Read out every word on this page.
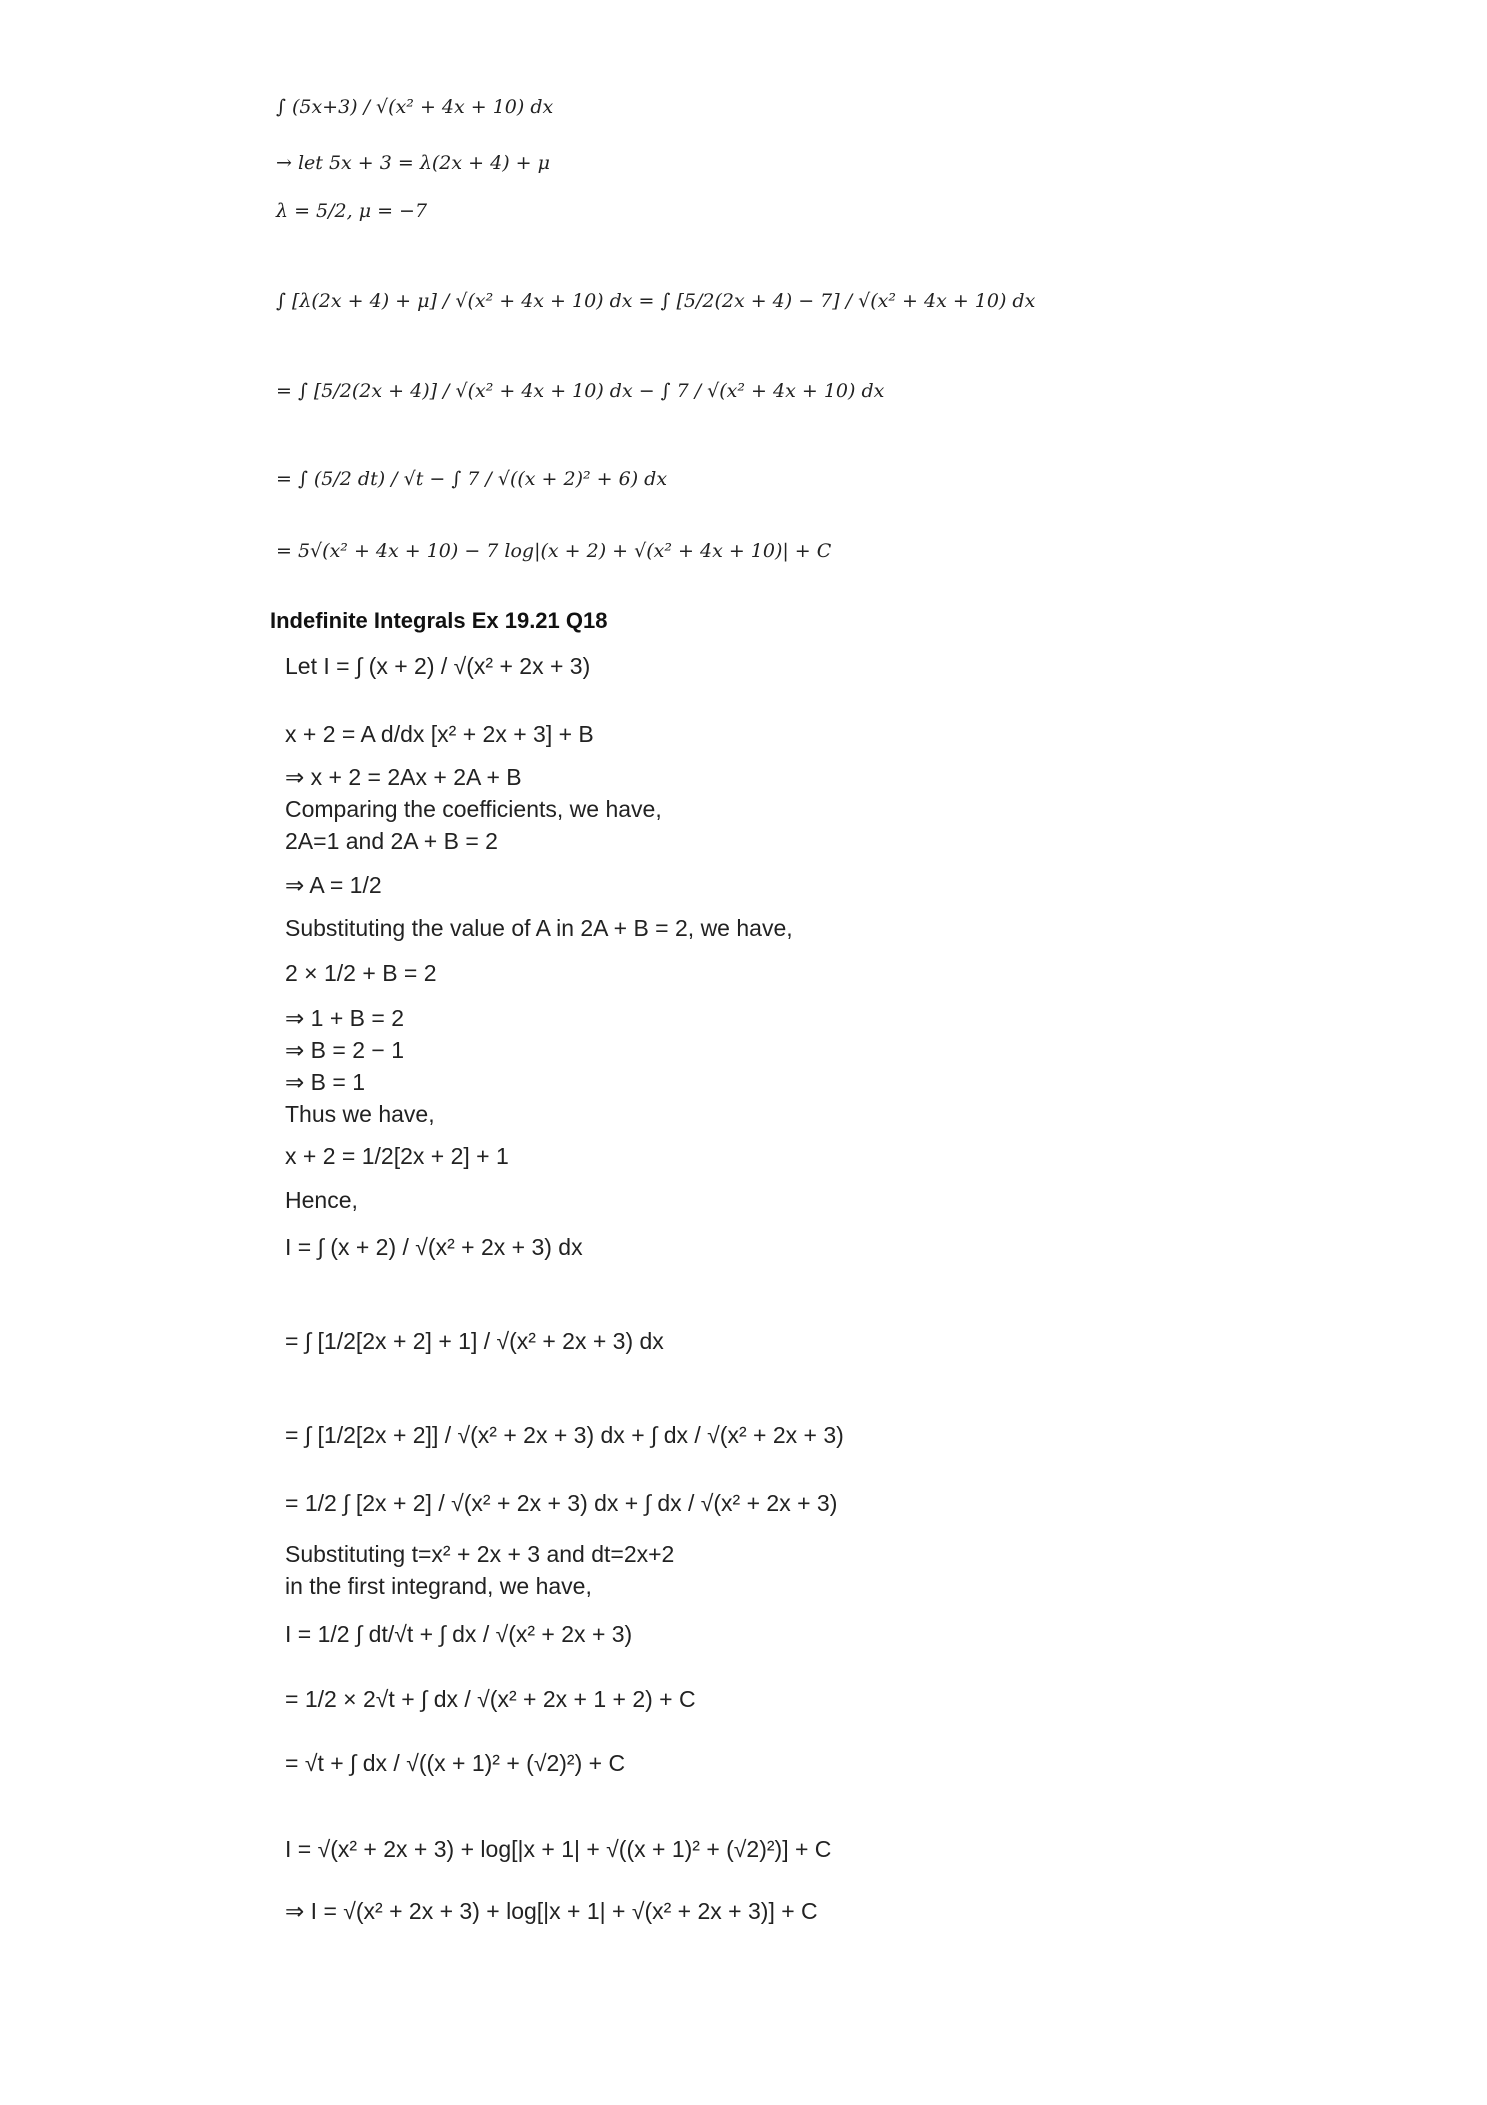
∫ (5x+3) / √(x² + 4x + 10) dx
→ let 5x + 3 = λ(2x + 4) + μ
λ = 5/2, μ = −7
∫ [λ(2x + 4) + μ] / √(x² + 4x + 10) dx = ∫ [5/2(2x + 4) − 7] / √(x² + 4x + 10) dx
= ∫ [5/2(2x + 4)] / √(x² + 4x + 10) dx − ∫ 7 / √(x² + 4x + 10) dx
= ∫ (5/2 dt) / √t − ∫ 7 / √((x + 2)² + 6) dx
= 5√(x² + 4x + 10) − 7 log|(x + 2) + √(x² + 4x + 10)| + C
Indefinite Integrals Ex 19.21 Q18
Let I = ∫ (x + 2) / √(x² + 2x + 3)
x + 2 = A d/dx [x² + 2x + 3] + B
⇒ x + 2 = 2Ax + 2A + B
Comparing the coefficients, we have,
2A=1 and 2A + B = 2
⇒ A = 1/2
Substituting the value of A in 2A + B = 2, we have,
2 × 1/2 + B = 2
⇒ 1 + B = 2
⇒ B = 2 − 1
⇒ B = 1
Thus we have,
x + 2 = 1/2[2x + 2] + 1
Hence,
I = ∫ (x + 2) / √(x² + 2x + 3) dx
= ∫ [1/2[2x + 2] + 1] / √(x² + 2x + 3) dx
= ∫ [1/2[2x + 2]] / √(x² + 2x + 3) dx + ∫ dx / √(x² + 2x + 3)
= 1/2 ∫ [2x + 2] / √(x² + 2x + 3) dx + ∫ dx / √(x² + 2x + 3)
Substituting t=x² + 2x + 3 and dt=2x+2
in the first integrand, we have,
I = 1/2 ∫ dt/√t + ∫ dx / √(x² + 2x + 3)
= 1/2 × 2√t + ∫ dx / √(x² + 2x + 1 + 2) + C
= √t + ∫ dx / √((x + 1)² + (√2)²) + C
I = √(x² + 2x + 3) + log[|x + 1| + √((x + 1)² + (√2)²)] + C
⇒ I = √(x² + 2x + 3) + log[|x + 1| + √(x² + 2x + 3)] + C
